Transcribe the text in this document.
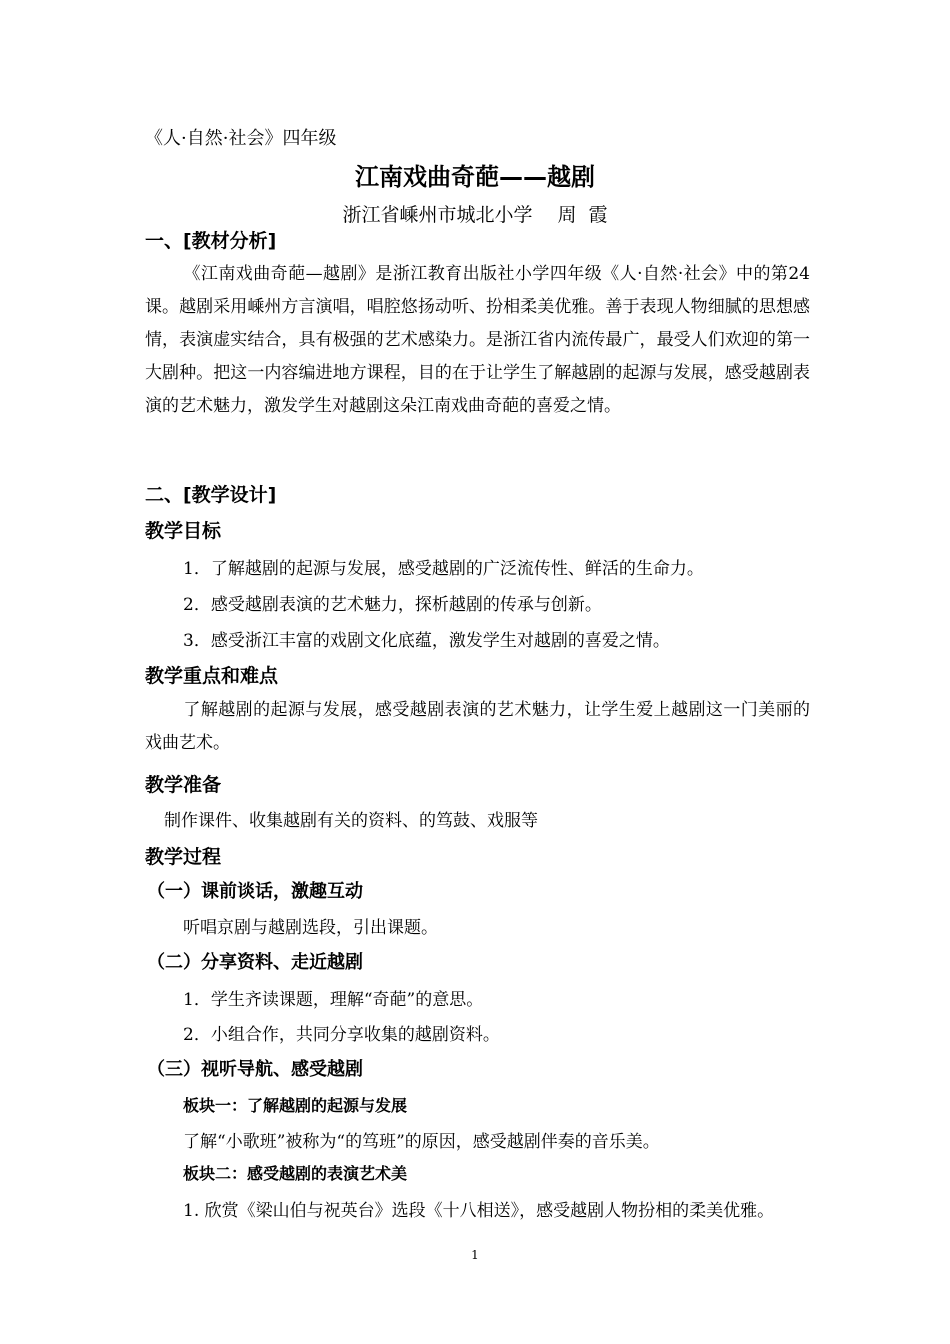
《人·自然·社会》四年级
江南戏曲奇葩——越剧
浙江省嵊州市城北小学　 周  霞
一、[教材分析]
《江南戏曲奇葩—越剧》是浙江教育出版社小学四年级《人·自然·社会》中的第24课。越剧采用嵊州方言演唱，唱腔悠扬动听、扮相柔美优雅。善于表现人物细腻的思想感情，表演虚实结合，具有极强的艺术感染力。是浙江省内流传最广，最受人们欢迎的第一大剧种。把这一内容编进地方课程，目的在于让学生了解越剧的起源与发展，感受越剧表演的艺术魅力，激发学生对越剧这朵江南戏曲奇葩的喜爱之情。
二、[教学设计]
教学目标
1．了解越剧的起源与发展，感受越剧的广泛流传性、鲜活的生命力。
2．感受越剧表演的艺术魅力，探析越剧的传承与创新。
3．感受浙江丰富的戏剧文化底蕴，激发学生对越剧的喜爱之情。
教学重点和难点
了解越剧的起源与发展，感受越剧表演的艺术魅力，让学生爱上越剧这一门美丽的戏曲艺术。
教学准备
制作课件、收集越剧有关的资料、的笃鼓、戏服等
教学过程
（一）课前谈话，激趣互动
听唱京剧与越剧选段，引出课题。
（二）分享资料、走近越剧
1．学生齐读课题，理解“奇葩”的意思。
2．小组合作，共同分享收集的越剧资料。
（三）视听导航、感受越剧
板块一：了解越剧的起源与发展
了解“小歌班”被称为“的笃班”的原因，感受越剧伴奏的音乐美。
板块二：感受越剧的表演艺术美
1. 欣赏《梁山伯与祝英台》选段《十八相送》，感受越剧人物扮相的柔美优雅。
1
